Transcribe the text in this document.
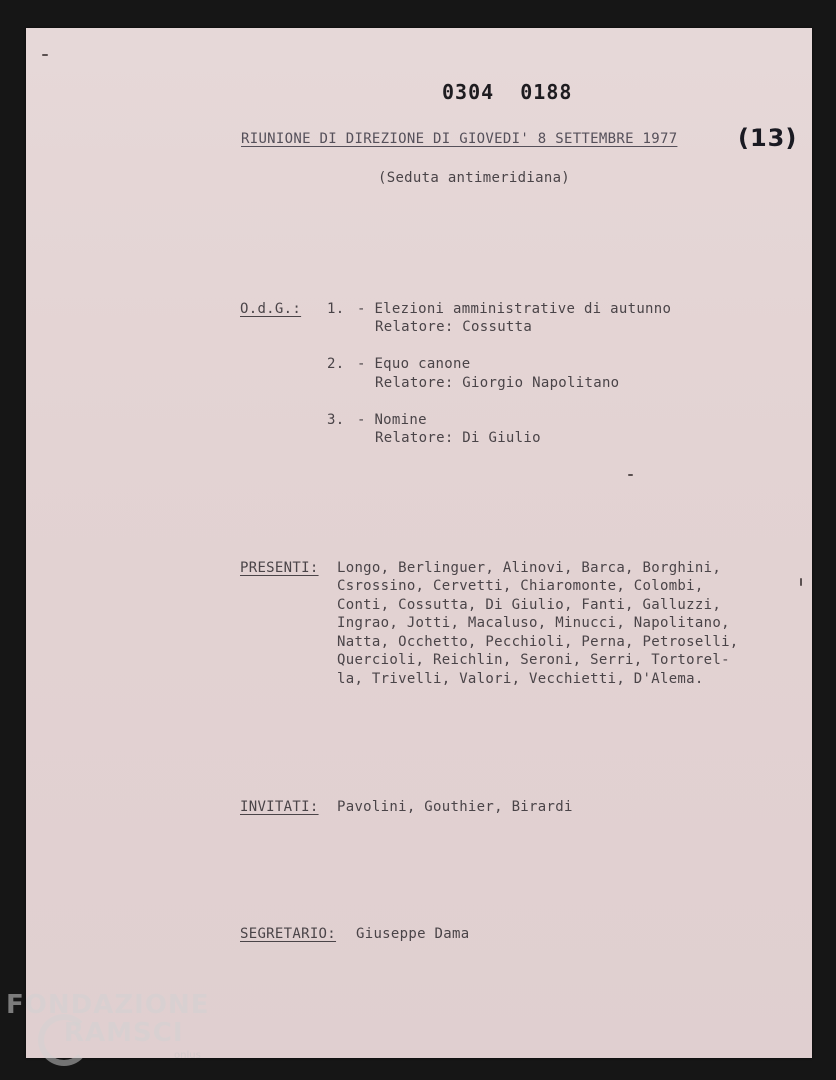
0304  0188
RIUNIONE DI DIREZIONE DI GIOVEDI' 8 SETTEMBRE 1977	(13)
(Seduta antimeridiana)
O.d.G.: 1. - Elezioni amministrative di autunno
Relatore: Cossutta
2. - Equo canone
Relatore: Giorgio Napolitano
3. - Nomine
Relatore: Di Giulio
PRESENTI: Longo, Berlinguer, Alinovi, Barca, Borghini,
Csrossino, Cervetti, Chiaromonte, Colombi,
Conti, Cossutta, Di Giulio, Fanti, Galluzzi,
Ingrao, Jotti, Macaluso, Minucci, Napolitano,
Natta, Occhetto, Pecchioli, Perna, Petroselli,
Quercioli, Reichlin, Seroni, Serri, Tortorel-
la, Trivelli, Valori, Vecchietti, D'Alema.
INVITATI: Pavolini, Gouthier, Birardi
SEGRETARIO: Giuseppe Dama
FONDAZIONE
RAMSCI
onlus
